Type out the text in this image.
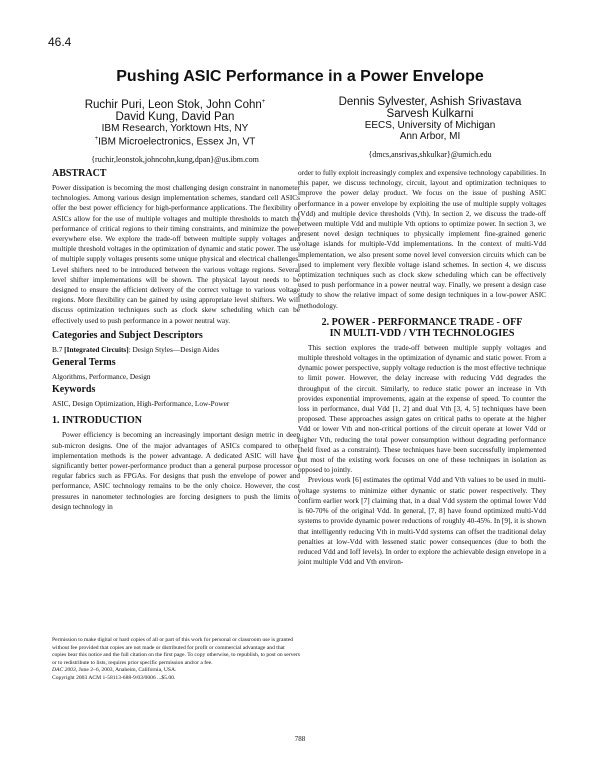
46.4
Pushing ASIC Performance in a Power Envelope
Ruchir Puri, Leon Stok, John Cohn+
David Kung, David Pan
IBM Research, Yorktown Hts, NY
+IBM Microelectronics, Essex Jn, VT
{ruchir,leonstok,johncohn,kung,dpan}@us.ibm.com
Dennis Sylvester, Ashish Srivastava
Sarvesh Kulkarni
EECS, University of Michigan
Ann Arbor, MI
{dmcs,ansrivas,shkulkar}@umich.edu
ABSTRACT

Power dissipation is becoming the most challenging design constraint in nanometer technologies. Among various design implementation schemes, standard cell ASICs offer the best power efficiency for high-performance applications. The flexibility of ASICs allow for the use of multiple voltages and multiple thresholds to match the performance of critical regions to their timing constraints, and minimize the power everywhere else. We explore the trade-off between multiple supply voltages and multiple threshold voltages in the optimization of dynamic and static power. The use of multiple supply voltages presents some unique physical and electrical challenges. Level shifters need to be introduced between the various voltage regions. Several level shifter implementations will be shown. The physical layout needs to be designed to ensure the efficient delivery of the correct voltage to various voltage regions. More flexibility can be gained by using appropriate level shifters. We will discuss optimization techniques such as clock skew scheduling which can be effectively used to push performance in a power neutral way.

Categories and Subject Descriptors

B.7 [Integrated Circuits]: Design Styles—Design Aides

General Terms

Algorithms, Performance, Design

Keywords

ASIC, Design Optimization, High-Performance, Low-Power

1. INTRODUCTION

Power efficiency is becoming an increasingly important design metric in deep sub-micron designs. One of the major advantages of ASICs compared to other implementation methods is the power advantage. A dedicated ASIC will have a significantly better power-performance product than a general purpose processor or regular fabrics such as FPGAs. For designs that push the envelope of power and performance, ASIC technology remains to be the only choice. However, the cost pressures in nanometer technologies are forcing designers to push the limits of design technology in

Permission to make digital or hard copies of all or part of this work for personal or classroom use is granted without fee provided that copies are not made or distributed for profit or commercial advantage and that copies bear this notice and the full citation on the first page. To copy otherwise, to republish, to post on servers or to redistribute to lists, requires prior specific permission and/or a fee.
DAC 2003, June 2–6, 2003, Anaheim, California, USA.
Copyright 2003 ACM 1-58113-688-9/03/0006 ...$5.00.

order to fully exploit increasingly complex and expensive technology capabilities. In this paper, we discuss technology, circuit, layout and optimization techniques to improve the power delay product. We focus on the issue of pushing ASIC performance in a power envelope by exploiting the use of multiple supply voltages (Vdd) and multiple device thresholds (Vth). In section 2, we discuss the trade-off between multiple Vdd and multiple Vth options to optimize power. In section 3, we present novel design techniques to physically implement fine-grained generic voltage islands for multiple-Vdd implementations. In the context of multi-Vdd implementation, we also present some novel level conversion circuits which can be used to implement very flexible voltage island schemes. In section 4, we discuss optimization techniques such as clock skew scheduling which can be effectively used to push performance in a power neutral way. Finally, we present a design case study to show the relative impact of some design techniques in a low-power ASIC methodology.

2. POWER - PERFORMANCE TRADE - OFF
IN MULTI-VDD / VTH TECHNOLOGIES

This section explores the trade-off between multiple supply voltages and multiple threshold voltages in the optimization of dynamic and static power. From a dynamic power perspective, supply voltage reduction is the most effective technique to limit power. However, the delay increase with reducing Vdd degrades the throughput of the circuit. Similarly, to reduce static power an increase in Vth provides exponential improvements, again at the expense of speed. To counter the loss in performance, dual Vdd [1, 2] and dual Vth [3, 4, 5] techniques have been proposed. These approaches assign gates on critical paths to operate at the higher Vdd or lower Vth and non-critical portions of the circuit operate at lower Vdd or higher Vth, reducing the total power consumption without degrading performance (held fixed as a constraint). These techniques have been successfully implemented but most of the existing work focuses on one of these techniques in isolation as opposed to jointly.

Previous work [6] estimates the optimal Vdd and Vth values to be used in multi-voltage systems to minimize either dynamic or static power respectively. They confirm earlier work [7] claiming that, in a dual Vdd system the optimal lower Vdd is 60-70% of the original Vdd. In general, [7, 8] have found optimized multi-Vdd systems to provide dynamic power reductions of roughly 40-45%. In [9], it is shown that intelligently reducing Vth in multi-Vdd systems can offset the traditional delay penalties at low-Vdd with lessened static power consequences (due to both the reduced Vdd and Ioff levels). In order to explore the achievable design envelope in a joint multiple Vdd and Vth environ-

788
